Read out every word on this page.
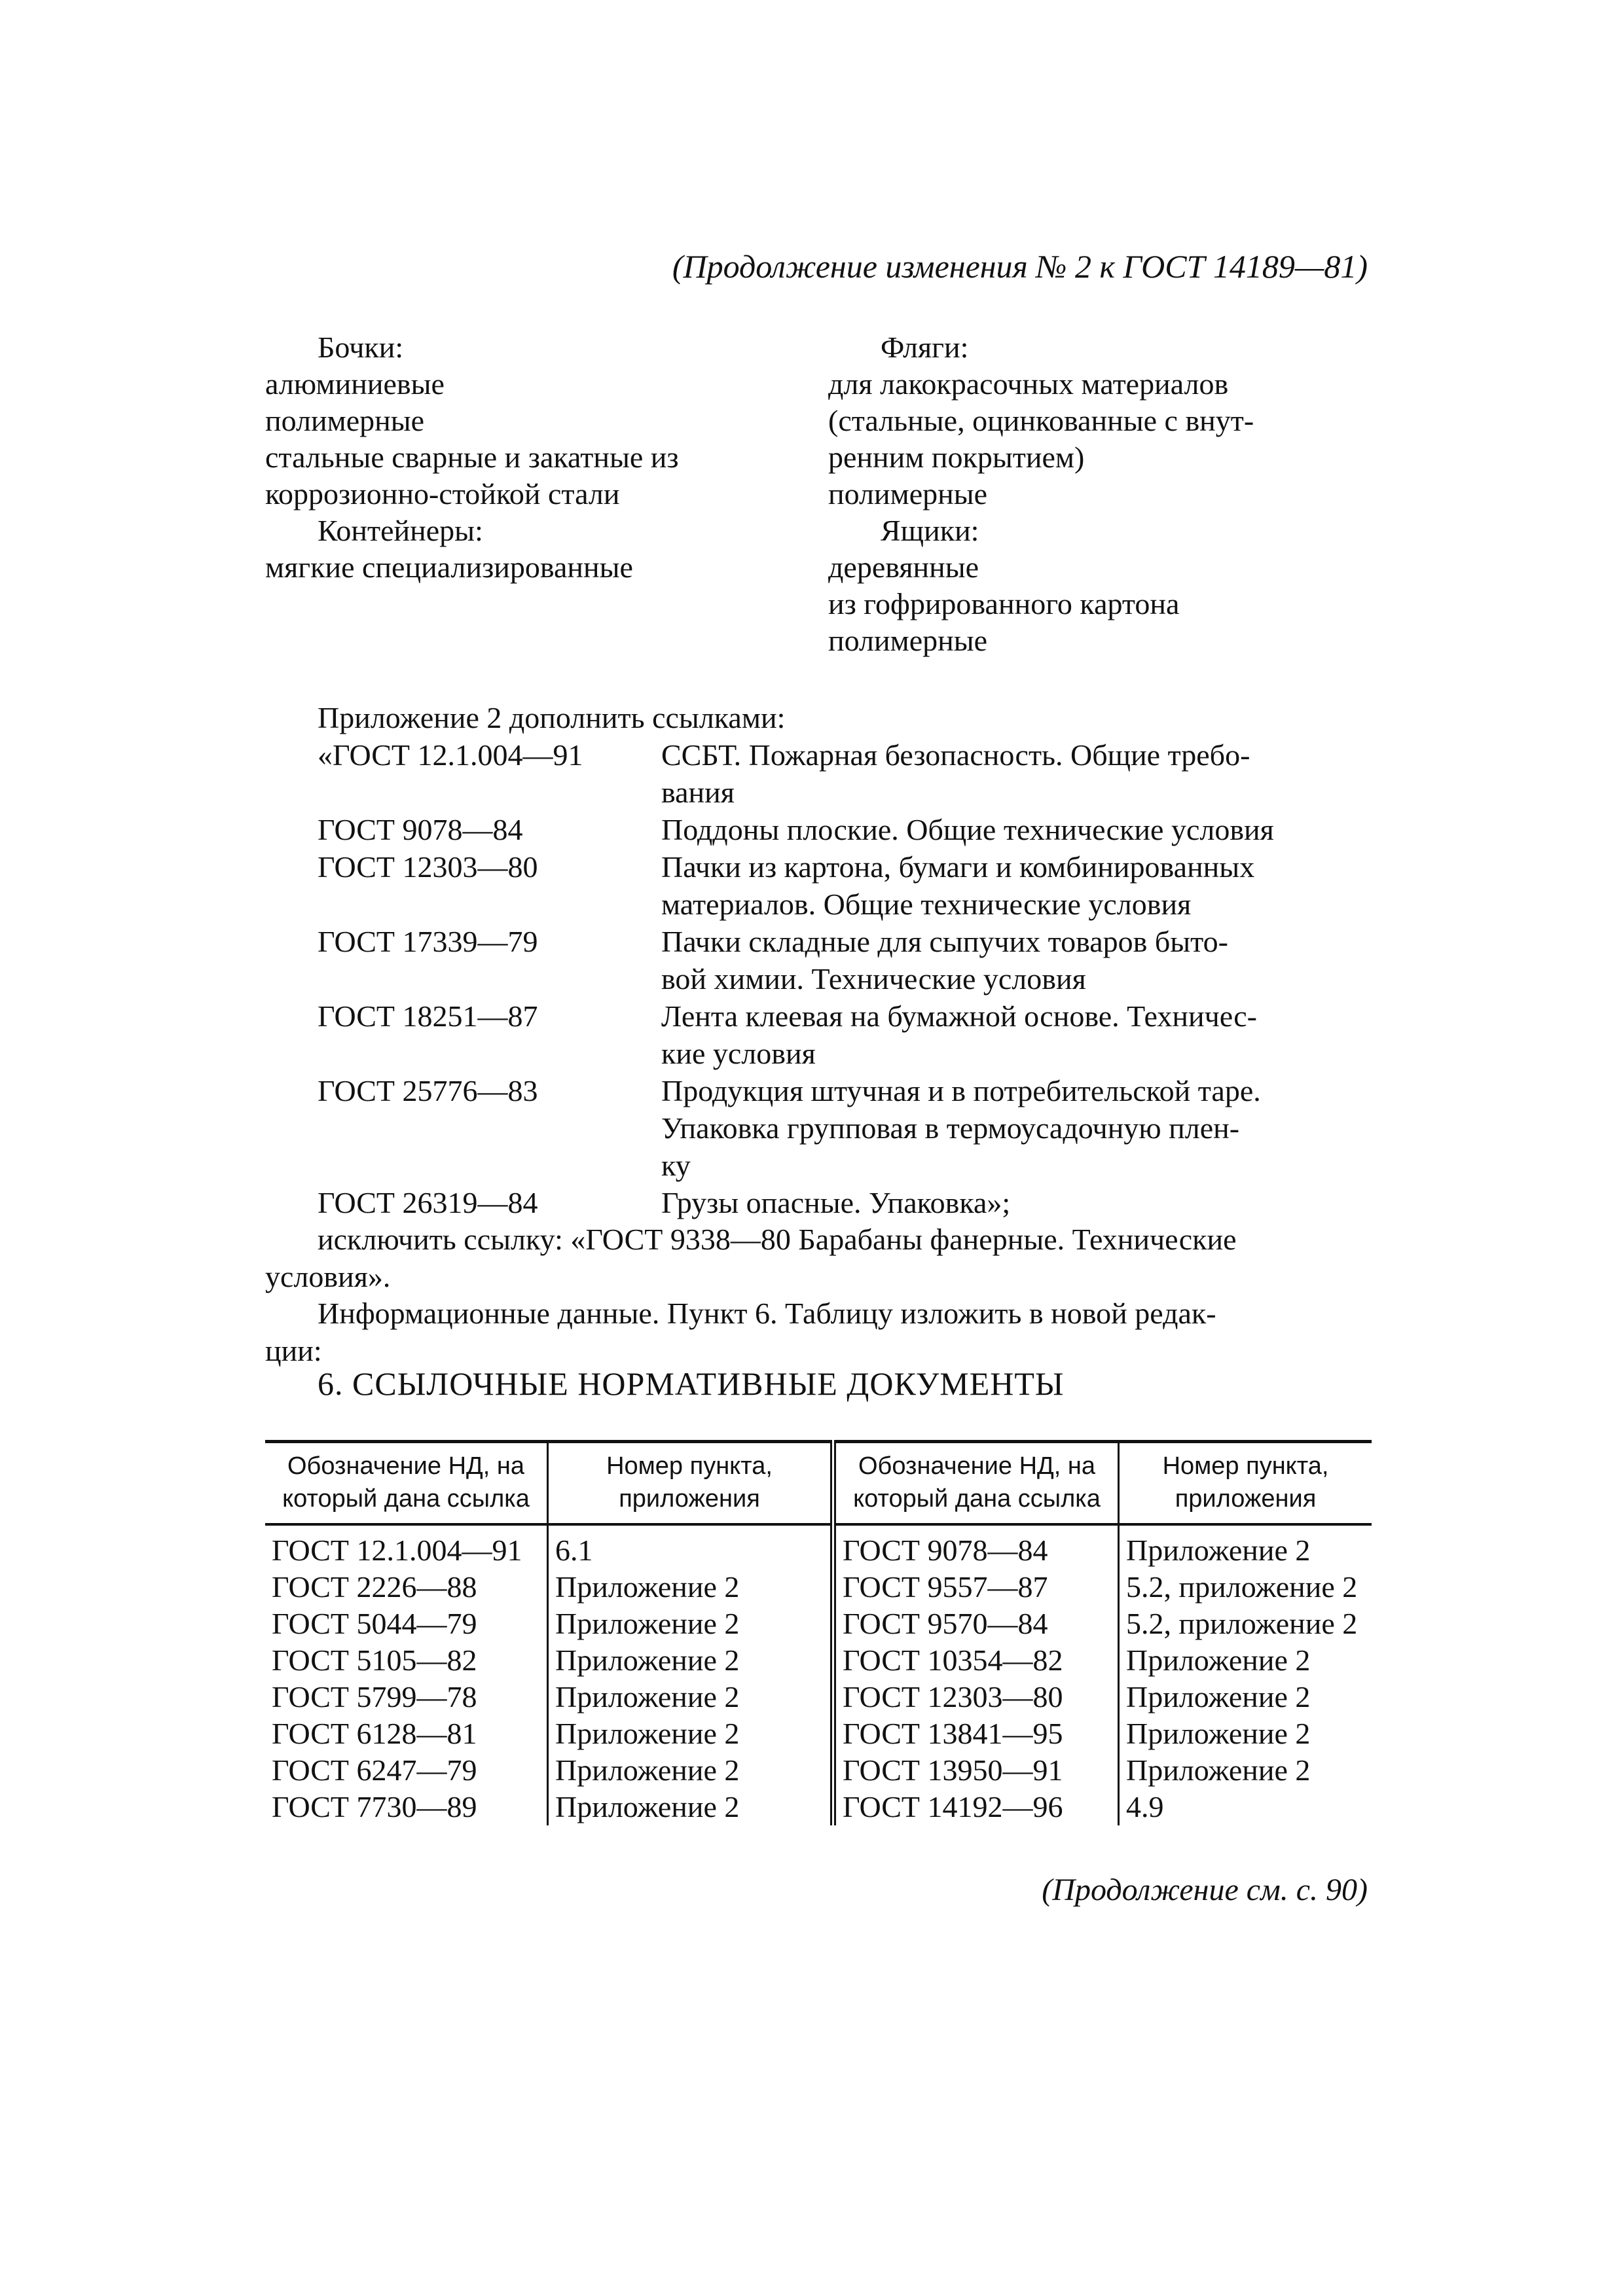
(Продолжение изменения № 2 к ГОСТ 14189—81)
Бочки:
алюминиевые
полимерные
стальные сварные и закатные из
коррозионно-стойкой стали
Контейнеры:
мягкие специализированные
Фляги:
для лакокрасочных материалов
(стальные, оцинкованные с внут-
ренним покрытием)
полимерные
Ящики:
деревянные
из гофрированного картона
полимерные
Приложение 2 дополнить ссылками:
«ГОСТ 12.1.004—91	ССБТ. Пожарная безопасность. Общие требо-
вания
ГОСТ 9078—84	Поддоны плоские. Общие технические условия
ГОСТ 12303—80	Пачки из картона, бумаги и комбинированных
материалов. Общие технические условия
ГОСТ 17339—79	Пачки складные для сыпучих товаров быто-
вой химии. Технические условия
ГОСТ 18251—87	Лента клеевая на бумажной основе. Техничес-
кие условия
ГОСТ 25776—83	Продукция штучная и в потребительской таре.
Упаковка групповая в термоусадочную плен-
ку
ГОСТ 26319—84	Грузы опасные. Упаковка»;
исключить ссылку: «ГОСТ 9338—80 Барабаны фанерные. Технические
условия».
Информационные данные. Пункт 6. Таблицу изложить в новой редак-
ции:
6. ССЫЛОЧНЫЕ НОРМАТИВНЫЕ ДОКУМЕНТЫ
Обозначение НД, на который дана ссылка	Номер пункта, приложения	Обозначение НД, на который дана ссылка	Номер пункта, приложения
ГОСТ 12.1.004—91	6.1	ГОСТ 9078—84	Приложение 2
ГОСТ 2226—88	Приложение 2	ГОСТ 9557—87	5.2, приложение 2
ГОСТ 5044—79	Приложение 2	ГОСТ 9570—84	5.2, приложение 2
ГОСТ 5105—82	Приложение 2	ГОСТ 10354—82	Приложение 2
ГОСТ 5799—78	Приложение 2	ГОСТ 12303—80	Приложение 2
ГОСТ 6128—81	Приложение 2	ГОСТ 13841—95	Приложение 2
ГОСТ 6247—79	Приложение 2	ГОСТ 13950—91	Приложение 2
ГОСТ 7730—89	Приложение 2	ГОСТ 14192—96	4.9
(Продолжение см. с. 90)
